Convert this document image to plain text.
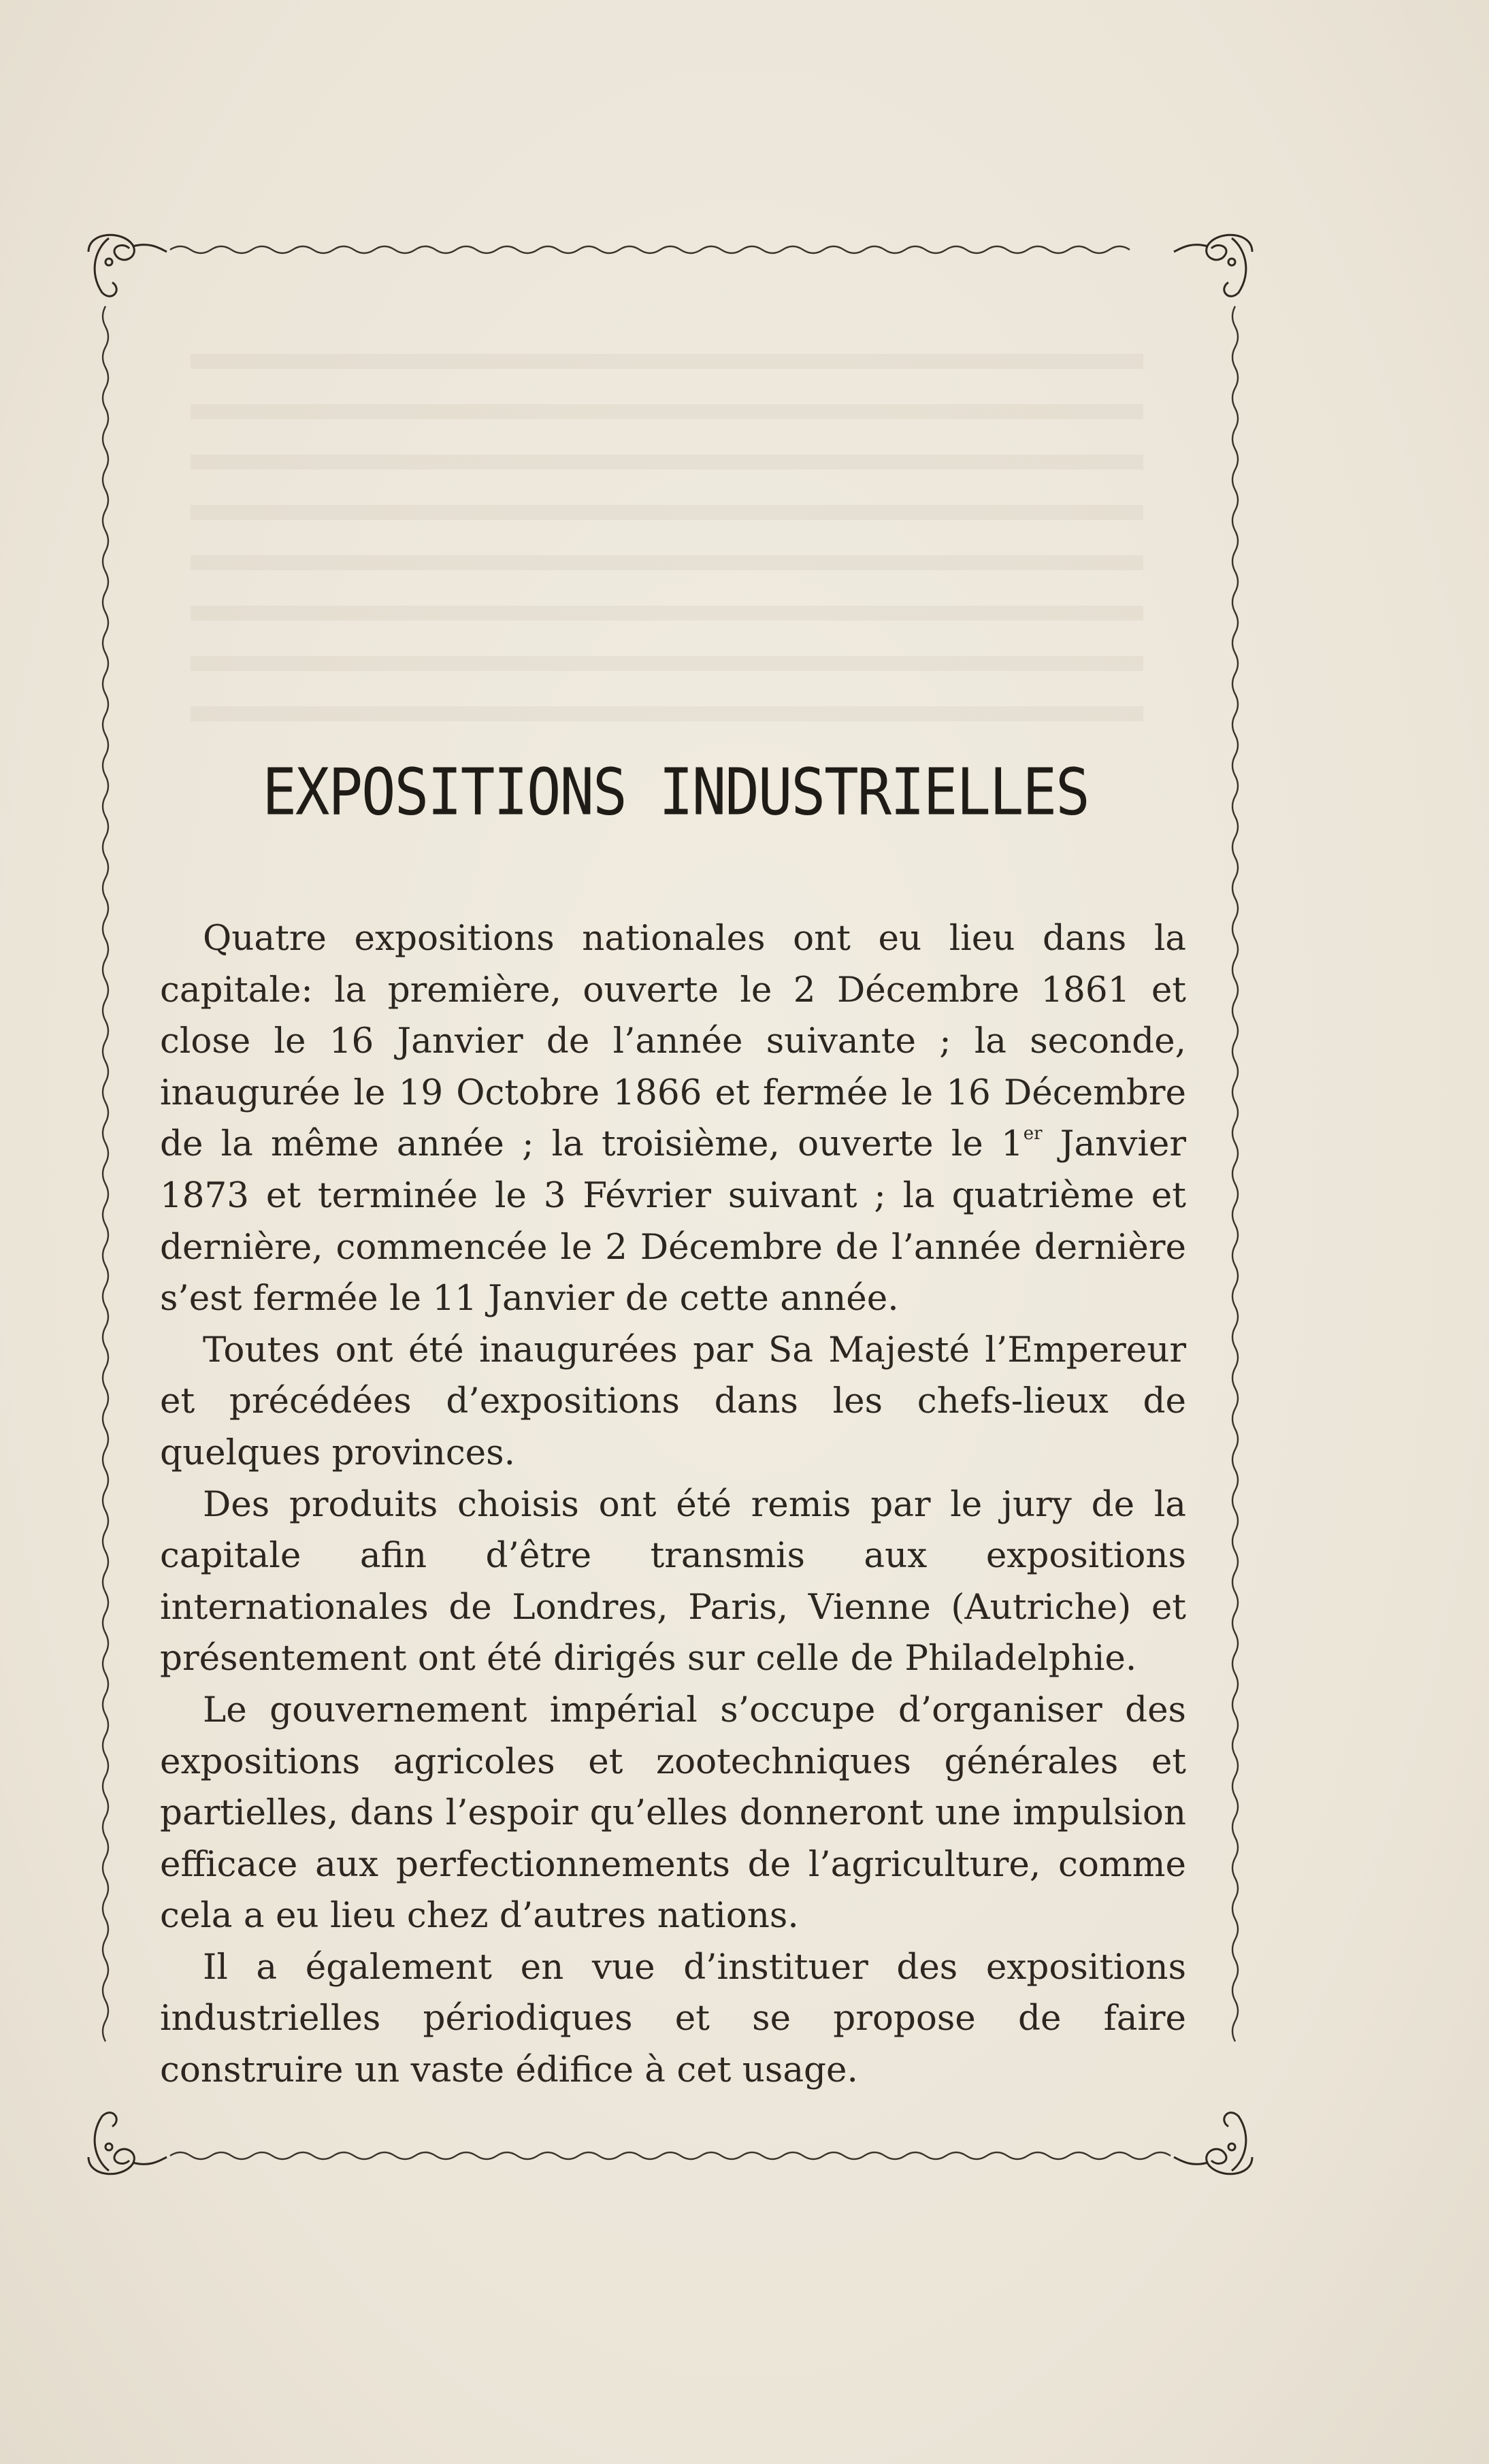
EXPOSITIONS INDUSTRIELLES

Quatre expositions nationales ont eu lieu dans la capitale: la première, ouverte le 2 Décembre 1861 et close le 16 Janvier de l’année suivante ; la seconde, inaugurée le 19 Octobre 1866 et fermée le 16 Décembre de la même année ; la troisième, ouverte le 1er Janvier 1873 et terminée le 3 Février suivant ; la quatrième et dernière, commencée le 2 Décembre de l’année dernière s’est fermée le 11 Janvier de cette année.

Toutes ont été inaugurées par Sa Majesté l’Empereur et précédées d’expositions dans les chefs-lieux de quelques provinces.

Des produits choisis ont été remis par le jury de la capitale afin d’être transmis aux expositions internationales de Londres, Paris, Vienne (Autriche) et présentement ont été dirigés sur celle de Philadelphie.

Le gouvernement impérial s’occupe d’organiser des expositions agricoles et zootechniques générales et partielles, dans l’espoir qu’elles donneront une impulsion efficace aux perfectionnements de l’agriculture, comme cela a eu lieu chez d’autres nations.

Il a également en vue d’instituer des expositions industrielles périodiques et se propose de faire construire un vaste édifice à cet usage.
